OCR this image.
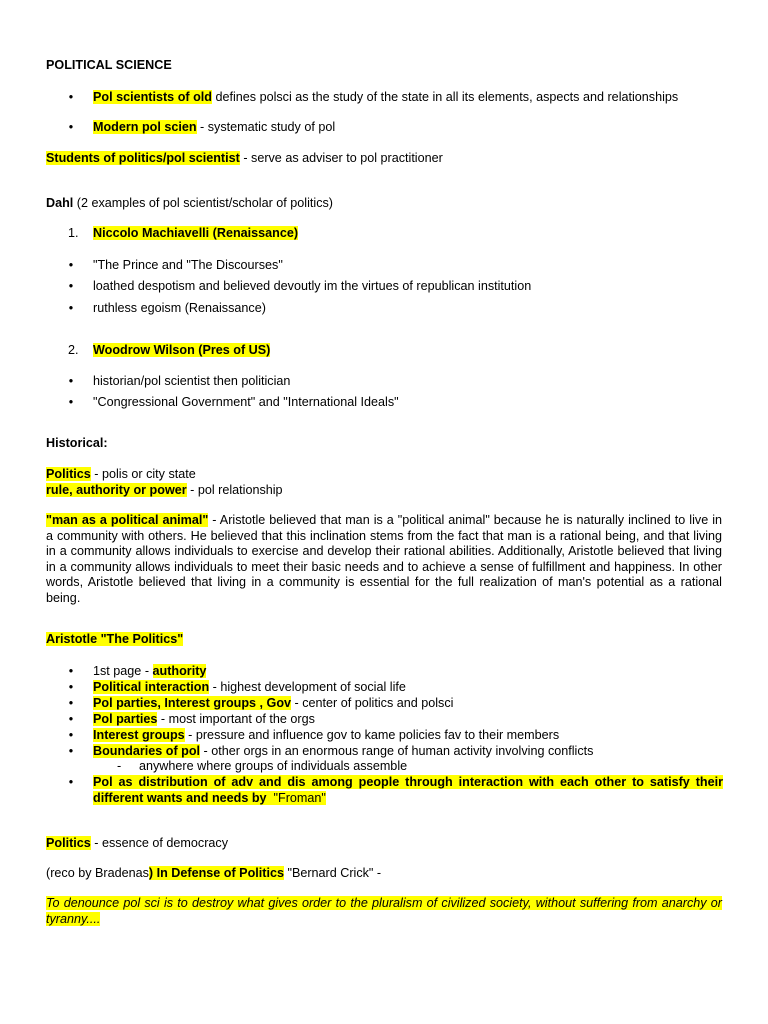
POLITICAL SCIENCE
• Pol scientists of old defines polsci as the study of the state in all its elements, aspects and relationships
• Modern pol scien - systematic study of pol
Students of politics/pol scientist - serve as adviser to pol practitioner
Dahl (2 examples of pol scientist/scholar of politics)
1. Niccolo Machiavelli (Renaissance)
• "The Prince and "The Discourses"
• loathed despotism and believed devoutly im the virtues of republican institution
• ruthless egoism (Renaissance)
2. Woodrow Wilson (Pres of US)
• historian/pol scientist then politician
• "Congressional Government" and "International Ideals"
Historical:
Politics - polis or city state
rule, authority or power - pol relationship
"man as a political animal" - Aristotle believed that man is a "political animal" because he is naturally inclined to live in a community with others. He believed that this inclination stems from the fact that man is a rational being, and that living in a community allows individuals to exercise and develop their rational abilities. Additionally, Aristotle believed that living in a community allows individuals to meet their basic needs and to achieve a sense of fulfillment and happiness. In other words, Aristotle believed that living in a community is essential for the full realization of man's potential as a rational being.
Aristotle "The Politics"
• 1st page - authority
• Political interaction - highest development of social life
• Pol parties, Interest groups , Gov - center of politics and polsci
• Pol parties - most important of the orgs
• Interest groups - pressure and influence gov to kame policies fav to their members
• Boundaries of pol - other orgs in an enormous range of human activity involving conflicts
- anywhere where groups of individuals assemble
• Pol as distribution of adv and dis among people through interaction with each other to satisfy their different wants and needs by "Froman"
Politics - essence of democracy
(reco by Bradenas) In Defense of Politics "Bernard Crick" -
To denounce pol sci is to destroy what gives order to the pluralism of civilized society, without suffering from anarchy or tyranny....
